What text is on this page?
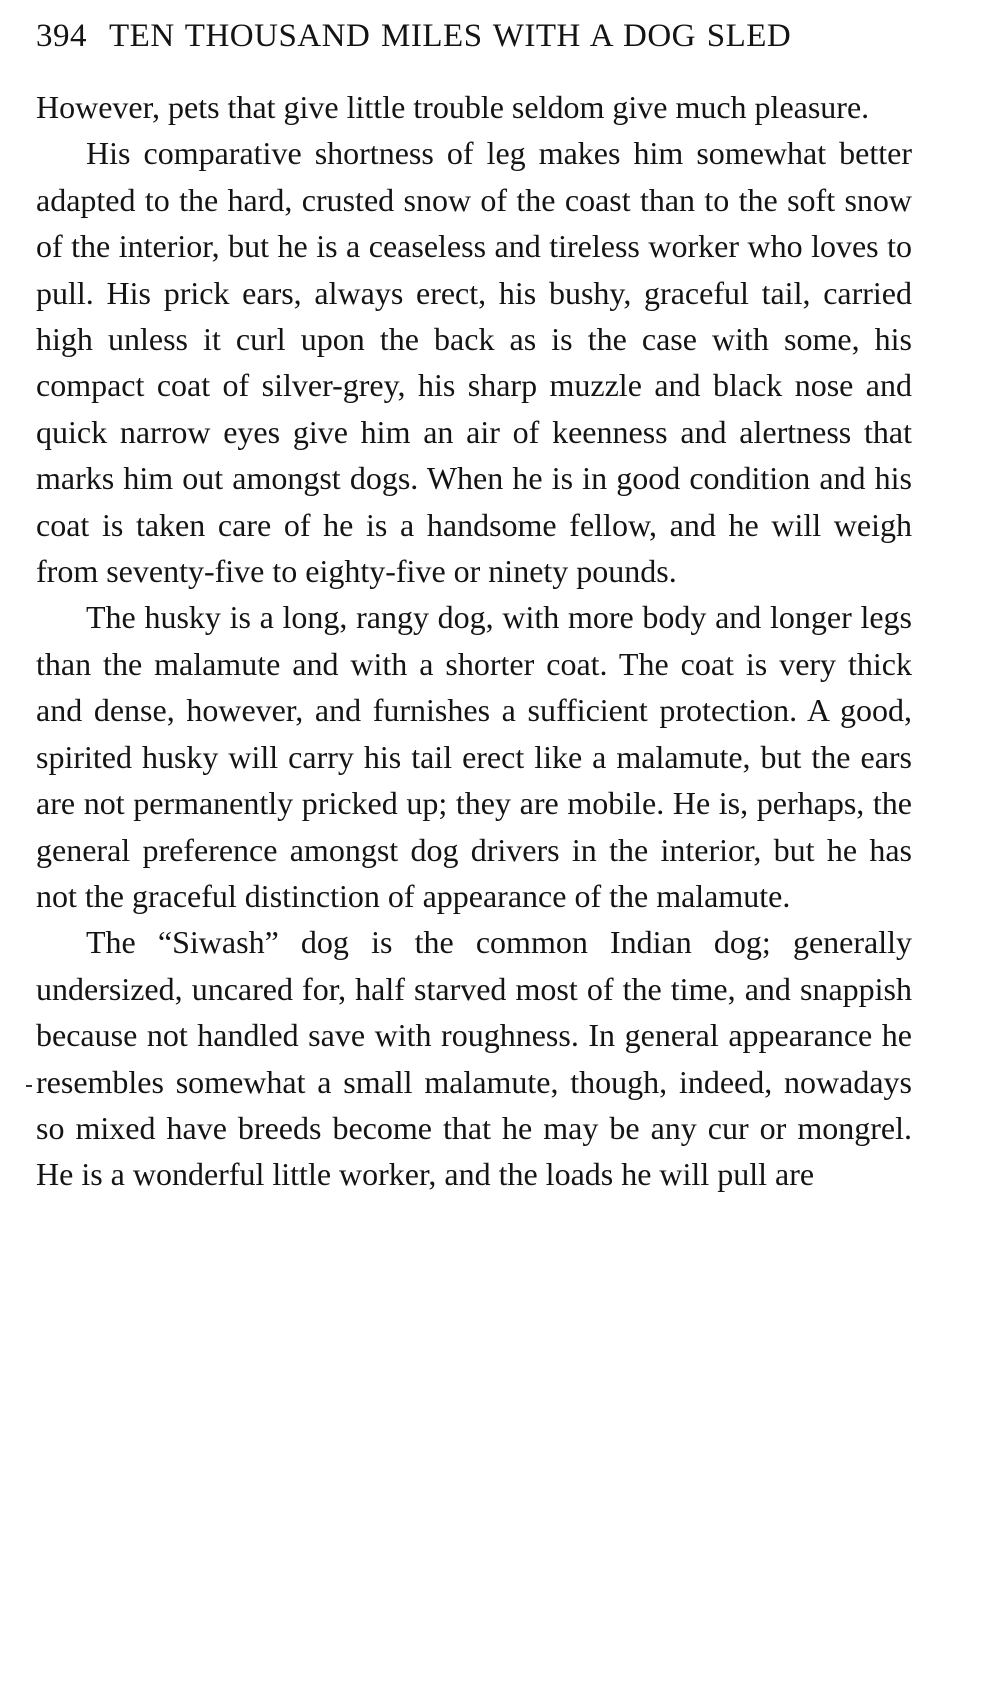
394 TEN THOUSAND MILES WITH A DOG SLED

However, pets that give little trouble seldom give much pleasure.

His comparative shortness of leg makes him somewhat better adapted to the hard, crusted snow of the coast than to the soft snow of the interior, but he is a ceaseless and tireless worker who loves to pull. His prick ears, always erect, his bushy, graceful tail, carried high unless it curl upon the back as is the case with some, his compact coat of silver-grey, his sharp muzzle and black nose and quick narrow eyes give him an air of keenness and alertness that marks him out amongst dogs. When he is in good condition and his coat is taken care of he is a handsome fellow, and he will weigh from seventy-five to eighty-five or ninety pounds.

The husky is a long, rangy dog, with more body and longer legs than the malamute and with a shorter coat. The coat is very thick and dense, however, and furnishes a sufficient protection. A good, spirited husky will carry his tail erect like a malamute, but the ears are not permanently pricked up; they are mobile. He is, perhaps, the general preference amongst dog drivers in the interior, but he has not the graceful distinction of appearance of the malamute.

The “Siwash” dog is the common Indian dog; generally undersized, uncared for, half starved most of the time, and snappish because not handled save with roughness. In general appearance he resembles somewhat a small malamute, though, indeed, nowadays so mixed have breeds become that he may be any cur or mongrel. He is a wonderful little worker, and the loads he will pull are
